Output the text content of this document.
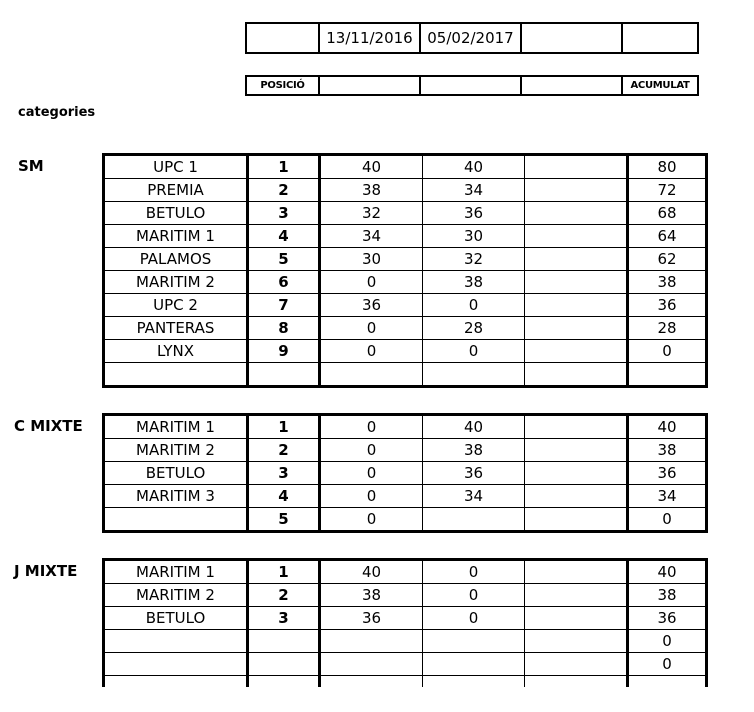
	13/11/2016	05/02/2017		
POSICIÓ				ACUMULAT
categories
SM
C MIXTE
J MIXTE
UPC 1	1	40	40		80
PREMIA	2	38	34		72
BETULO	3	32	36		68
MARITIM 1	4	34	30		64
PALAMOS	5	30	32		62
MARITIM 2	6	0	38		38
UPC 2	7	36	0		36
PANTERAS	8	0	28		28
LYNX	9	0	0		0

MARITIM 1	1	0	40		40
MARITIM 2	2	0	38		38
BETULO	3	0	36		36
MARITIM 3	4	0	34		34
	5	0			0
MARITIM 1	1	40	0		40
MARITIM 2	2	38	0		38
BETULO	3	36	0		36
					0
					0
